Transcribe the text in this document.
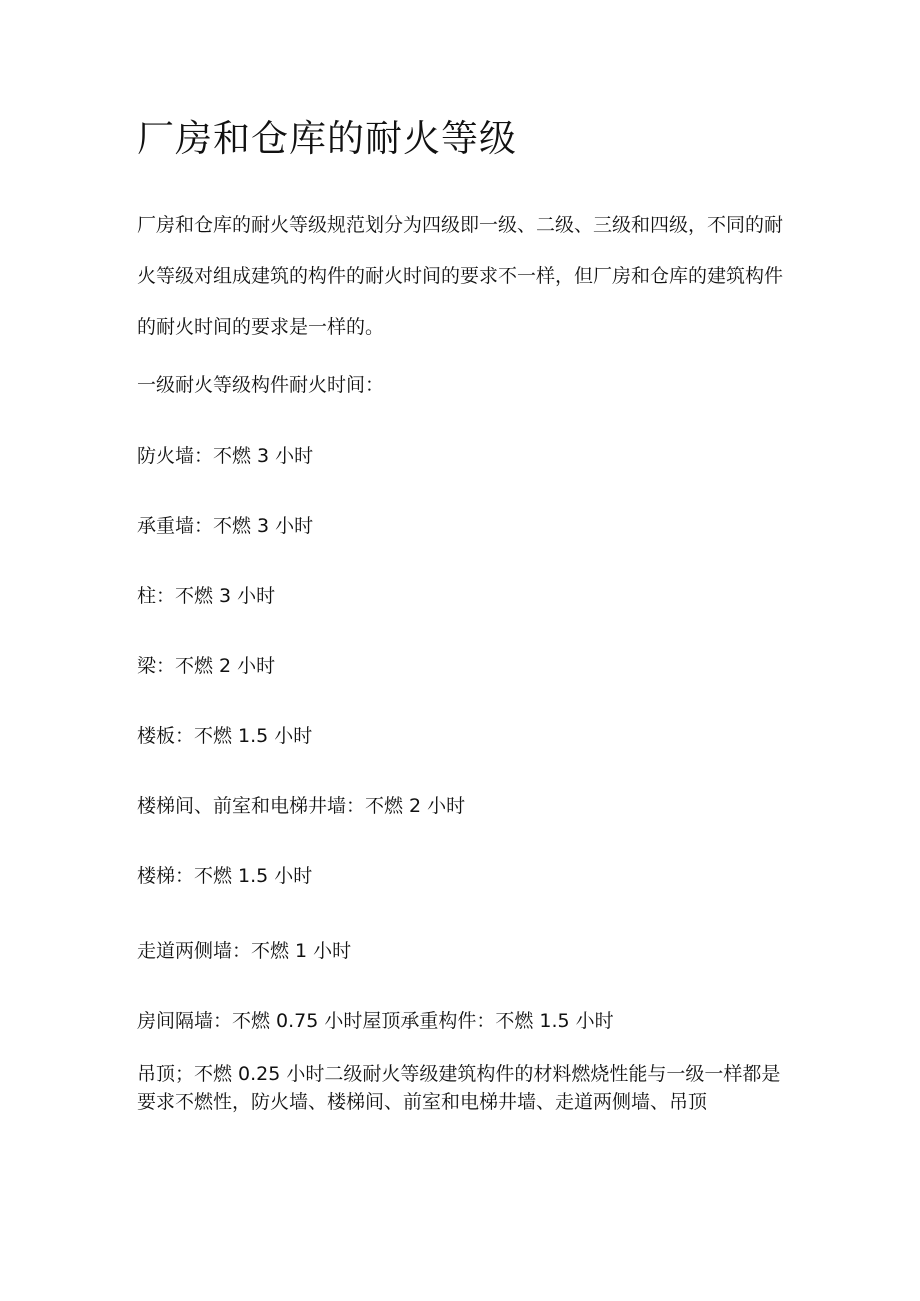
厂房和仓库的耐火等级

厂房和仓库的耐火等级规范划分为四级即一级、二级、三级和四级，不同的耐火等级对组成建筑的构件的耐火时间的要求不一样，但厂房和仓库的建筑构件的耐火时间的要求是一样的。

一级耐火等级构件耐火时间：

防火墙：不燃 3 小时

承重墙：不燃 3 小时

柱：不燃 3 小时

梁：不燃 2 小时

楼板：不燃 1.5 小时

楼梯间、前室和电梯井墙：不燃 2 小时

楼梯：不燃 1.5 小时

走道两侧墙：不燃 1 小时

房间隔墙：不燃 0.75 小时屋顶承重构件：不燃 1.5 小时

吊顶；不燃 0.25 小时二级耐火等级建筑构件的材料燃烧性能与一级一样都是要求不燃性，防火墙、楼梯间、前室和电梯井墙、走道两侧墙、吊顶
